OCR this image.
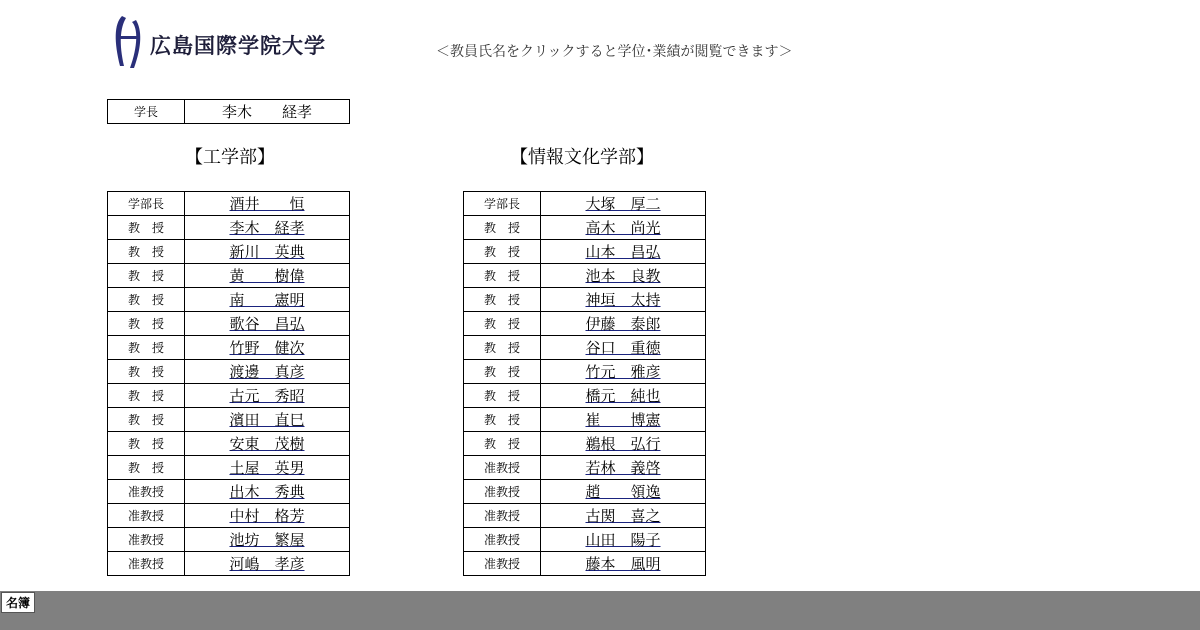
広島国際学院大学	＜教員氏名をクリックすると学位･業績が閲覧できます＞
学長	李木　　経孝
【工学部】	【情報文化学部】
学部長	酒井　　恒
教　授	李木　経孝
教　授	新川　英典
教　授	黄　　樹偉
教　授	南　　憲明
教　授	歌谷　昌弘
教　授	竹野　健次
教　授	渡邊　真彦
教　授	古元　秀昭
教　授	濱田　直巳
教　授	安東　茂樹
教　授	土屋　英男
准教授	出木　秀典
准教授	中村　格芳
准教授	池坊　繁屋
准教授	河嶋　孝彦
学部長	大塚　厚二
教　授	高木　尚光
教　授	山本　昌弘
教　授	池本　良教
教　授	神垣　太持
教　授	伊藤　泰郎
教　授	谷口　重徳
教　授	竹元　雅彦
教　授	橋元　純也
教　授	崔　　博憲
教　授	鵜根　弘行
准教授	若林　義啓
准教授	趙　　領逸
准教授	古関　喜之
准教授	山田　陽子
准教授	藤本　風明
名簿
